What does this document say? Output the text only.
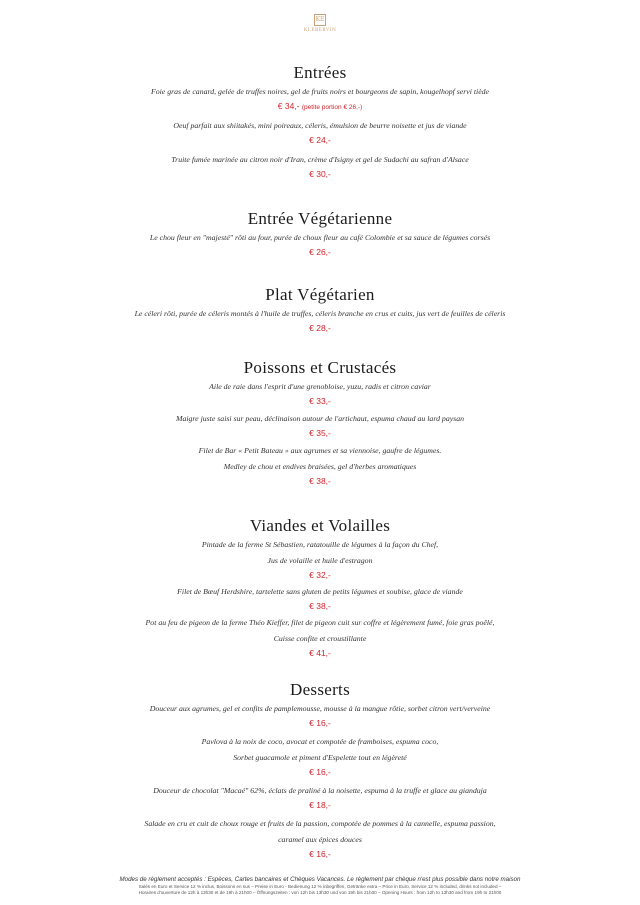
KE
KLEBERVIN
Entrées
Foie gras de canard, gelée de truffes noires, gel de fruits noirs et bourgeons de sapin, kougelhopf servi tiède
€ 34,- (petite portion € 26,-)
Oeuf parfait aux shiitakés, mini poireaux, céleris, émulsion de beurre noisette et jus de viande
€ 24,-
Truite fumée marinée au citron noir d'Iran, crème d'Isigny et gel de Sudachi au safran d'Alsace
€ 30,-
Entrée Végétarienne
Le chou fleur en "majesté" rôti au four, purée de choux fleur au café Colombie et sa sauce de légumes corsés
€ 26,-
Plat Végétarien
Le céleri rôti, purée de céleris montés à l'huile de truffes, céleris branche en crus et cuits, jus vert de feuilles de céleris
€ 28,-
Poissons et Crustacés
Aile de raie dans l'esprit d'une grenobloise, yuzu, radis et citron caviar
€ 33,-
Maigre juste saisi sur peau, déclinaison autour de l'artichaut, espuma chaud au lard paysan
€ 35,-
Filet de Bar « Petit Bateau » aux agrumes et sa viennoise, gaufre de légumes.
Medley de chou et endives braisées, gel d'herbes aromatiques
€ 38,-
Viandes et Volailles
Pintade de la ferme St Sébastien, ratatouille de légumes à la façon du Chef,
Jus de volaille et huile d'estragon
€ 32,-
Filet de Bœuf Herdshire, tartelette sans gluten de petits légumes et soubise, glace de viande
€ 38,-
Pot au feu de pigeon de la ferme Théo Kieffer, filet de pigeon cuit sur coffre et légèrement fumé, foie gras poêlé,
Cuisse confite et croustillante
€ 41,-
Desserts
Douceur aux agrumes, gel et confits de pamplemousse, mousse à la mangue rôtie, sorbet citron vert/verveine
€ 16,-
Pavlova à la noix de coco, avocat et compotée de framboises, espuma coco,
Sorbet guacamole et piment d'Espelette tout en légèreté
€ 16,-
Douceur de chocolat "Macaé" 62%, éclats de praliné à la noisette, espuma à la truffe et glace au gianduja
€ 18,-
Salade en cru et cuit de choux rouge et fruits de la passion, compotée de pommes à la cannelle, espuma passion,
caramel aux épices douces
€ 16,-
Modes de règlement acceptés : Espèces, Cartes bancaires et Chèques Vacances. Le règlement par chèque n'est plus possible dans notre maison
Salés en Euro et Service 12 % inclus, Boissons en sus – Preise in Euro - Bedienung 12 % inbegriffen, Getränke extra – Price in Euro, Service 12 % included, drinks not included –
Horaires d'ouverture de 12h à 13h30 et de 19h à 21h00 – Öffnungszeiten : von 12h bis 13h30 und von 19h bis 21h00 – Opening Hours : from 12h to 13h30 and from 19h to 21h00
